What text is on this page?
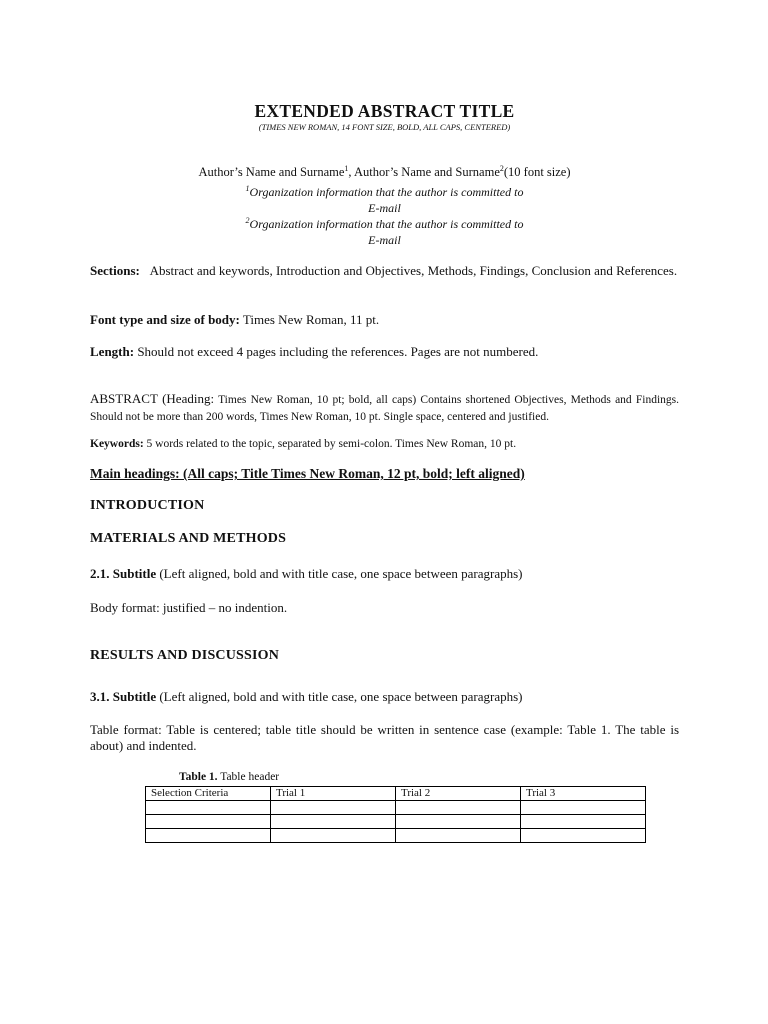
EXTENDED ABSTRACT TITLE
(TIMES NEW ROMAN, 14 FONT SIZE, BOLD, ALL CAPS, CENTERED)
Author’s Name and Surname$^1$, Author’s Name and Surname$^2$(10 font size)
$^1$Organization information that the author is committed to
E-mail
$^2$Organization information that the author is committed to
E-mail
Sections: Abstract and keywords, Introduction and Objectives, Methods, Findings, Conclusion and References.
Font type and size of body: Times New Roman, 11 pt.
Length: Should not exceed 4 pages including the references. Pages are not numbered.
ABSTRACT (Heading: Times New Roman, 10 pt; bold, all caps) Contains shortened Objectives, Methods and Findings. Should not be more than 200 words, Times New Roman, 10 pt. Single space, centered and justified.
Keywords: 5 words related to the topic, separated by semi-colon. Times New Roman, 10 pt.
Main headings: (All caps; Title Times New Roman, 12 pt, bold; left aligned)
INTRODUCTION
MATERIALS AND METHODS
2.1. Subtitle (Left aligned, bold and with title case, one space between paragraphs)
Body format: justified – no indention.
RESULTS AND DISCUSSION
3.1. Subtitle (Left aligned, bold and with title case, one space between paragraphs)
Table format: Table is centered; table title should be written in sentence case (example: Table 1. The table is about) and indented.
Table 1. Table header
Selection Criteria	Trial 1	Trial 2	Trial 3
